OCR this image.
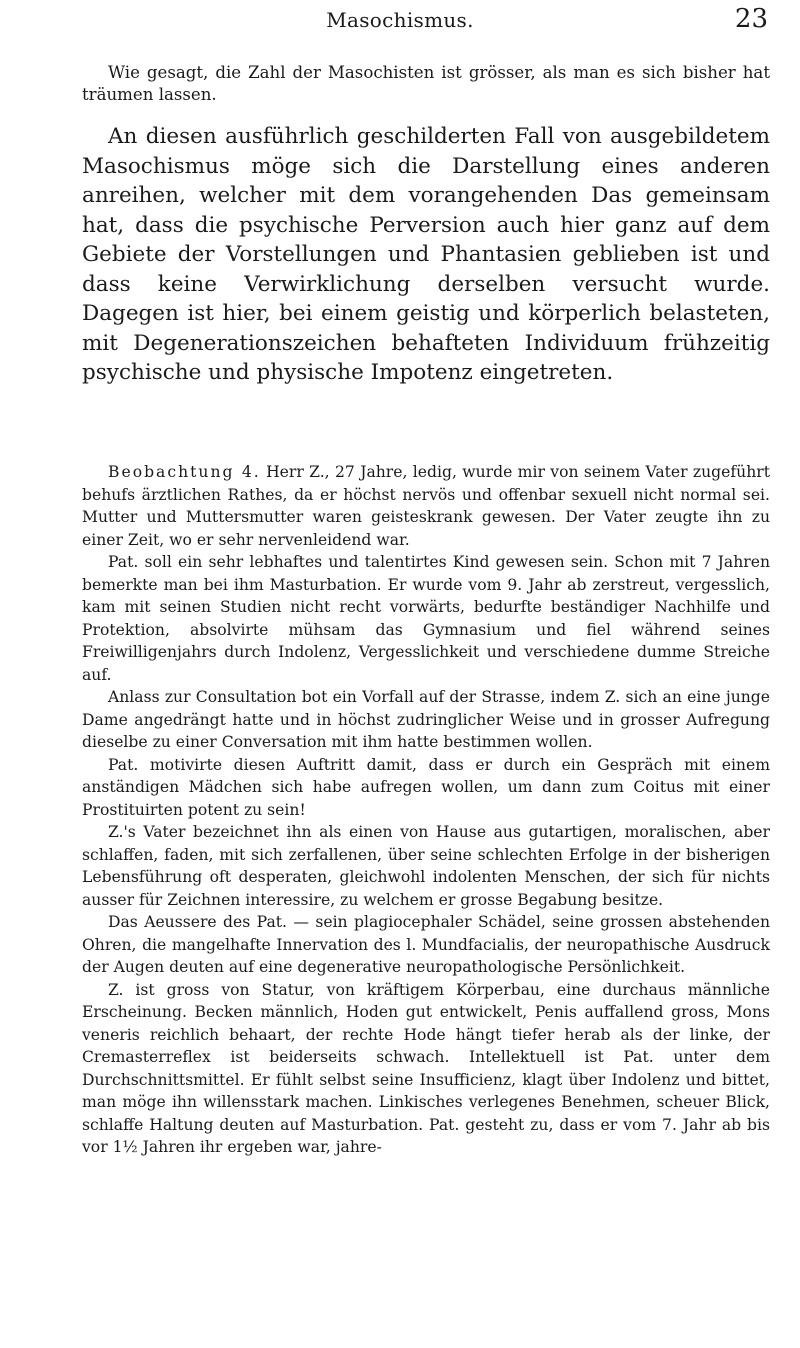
Masochismus.	23

Wie gesagt, die Zahl der Masochisten ist grösser, als man es sich bisher hat träumen lassen.

An diesen ausführlich geschilderten Fall von ausgebildetem Masochismus möge sich die Darstellung eines anderen anreihen, welcher mit dem vorangehenden Das gemeinsam hat, dass die psychische Perversion auch hier ganz auf dem Gebiete der Vorstellungen und Phantasien geblieben ist und dass keine Verwirklichung derselben versucht wurde. Dagegen ist hier, bei einem geistig und körperlich belasteten, mit Degenerationszeichen behafteten Individuum frühzeitig psychische und physische Impotenz eingetreten.

Beobachtung 4. Herr Z., 27 Jahre, ledig, wurde mir von seinem Vater zugeführt behufs ärztlichen Rathes, da er höchst nervös und offenbar sexuell nicht normal sei. Mutter und Muttersmutter waren geisteskrank gewesen. Der Vater zeugte ihn zu einer Zeit, wo er sehr nervenleidend war.

Pat. soll ein sehr lebhaftes und talentirtes Kind gewesen sein. Schon mit 7 Jahren bemerkte man bei ihm Masturbation. Er wurde vom 9. Jahr ab zerstreut, vergesslich, kam mit seinen Studien nicht recht vorwärts, bedurfte beständiger Nachhilfe und Protektion, absolvirte mühsam das Gymnasium und fiel während seines Freiwilligenjahrs durch Indolenz, Vergesslichkeit und verschiedene dumme Streiche auf.

Anlass zur Consultation bot ein Vorfall auf der Strasse, indem Z. sich an eine junge Dame angedrängt hatte und in höchst zudringlicher Weise und in grosser Aufregung dieselbe zu einer Conversation mit ihm hatte bestimmen wollen.

Pat. motivirte diesen Auftritt damit, dass er durch ein Gespräch mit einem anständigen Mädchen sich habe aufregen wollen, um dann zum Coitus mit einer Prostituirten potent zu sein!

Z.'s Vater bezeichnet ihn als einen von Hause aus gutartigen, moralischen, aber schlaffen, faden, mit sich zerfallenen, über seine schlechten Erfolge in der bisherigen Lebensführung oft desperaten, gleichwohl indolenten Menschen, der sich für nichts ausser für Zeichnen interessire, zu welchem er grosse Begabung besitze.

Das Aeussere des Pat. — sein plagiocephaler Schädel, seine grossen abstehenden Ohren, die mangelhafte Innervation des l. Mundfacialis, der neuropathische Ausdruck der Augen deuten auf eine degenerative neuropathologische Persönlichkeit.

Z. ist gross von Statur, von kräftigem Körperbau, eine durchaus männliche Erscheinung. Becken männlich, Hoden gut entwickelt, Penis auffallend gross, Mons veneris reichlich behaart, der rechte Hode hängt tiefer herab als der linke, der Cremasterreflex ist beiderseits schwach. Intellektuell ist Pat. unter dem Durchschnittsmittel. Er fühlt selbst seine Insufficienz, klagt über Indolenz und bittet, man möge ihn willensstark machen. Linkisches verlegenes Benehmen, scheuer Blick, schlaffe Haltung deuten auf Masturbation. Pat. gesteht zu, dass er vom 7. Jahr ab bis vor 1½ Jahren ihr ergeben war, jahre-
